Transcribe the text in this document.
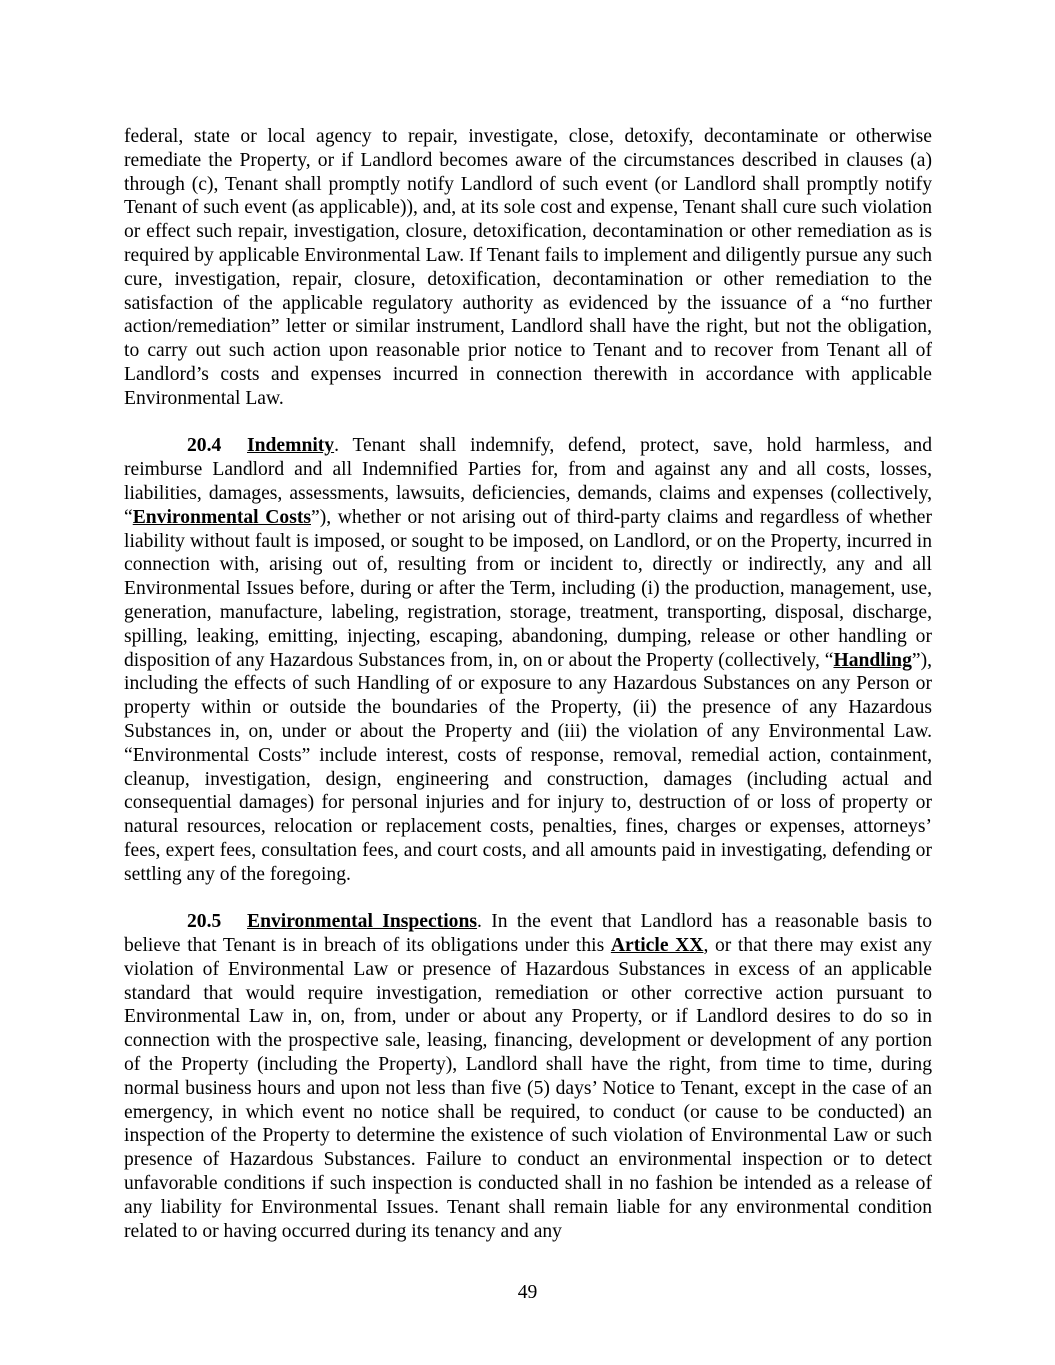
federal, state or local agency to repair, investigate, close, detoxify, decontaminate or otherwise remediate the Property, or if Landlord becomes aware of the circumstances described in clauses (a) through (c), Tenant shall promptly notify Landlord of such event (or Landlord shall promptly notify Tenant of such event (as applicable)), and, at its sole cost and expense, Tenant shall cure such violation or effect such repair, investigation, closure, detoxification, decontamination or other remediation as is required by applicable Environmental Law. If Tenant fails to implement and diligently pursue any such cure, investigation, repair, closure, detoxification, decontamination or other remediation to the satisfaction of the applicable regulatory authority as evidenced by the issuance of a “no further action/remediation” letter or similar instrument, Landlord shall have the right, but not the obligation, to carry out such action upon reasonable prior notice to Tenant and to recover from Tenant all of Landlord’s costs and expenses incurred in connection therewith in accordance with applicable Environmental Law.

20.4 Indemnity. Tenant shall indemnify, defend, protect, save, hold harmless, and reimburse Landlord and all Indemnified Parties for, from and against any and all costs, losses, liabilities, damages, assessments, lawsuits, deficiencies, demands, claims and expenses (collectively, “Environmental Costs”), whether or not arising out of third-party claims and regardless of whether liability without fault is imposed, or sought to be imposed, on Landlord, or on the Property, incurred in connection with, arising out of, resulting from or incident to, directly or indirectly, any and all Environmental Issues before, during or after the Term, including (i) the production, management, use, generation, manufacture, labeling, registration, storage, treatment, transporting, disposal, discharge, spilling, leaking, emitting, injecting, escaping, abandoning, dumping, release or other handling or disposition of any Hazardous Substances from, in, on or about the Property (collectively, “Handling”), including the effects of such Handling of or exposure to any Hazardous Substances on any Person or property within or outside the boundaries of the Property, (ii) the presence of any Hazardous Substances in, on, under or about the Property and (iii) the violation of any Environmental Law. “Environmental Costs” include interest, costs of response, removal, remedial action, containment, cleanup, investigation, design, engineering and construction, damages (including actual and consequential damages) for personal injuries and for injury to, destruction of or loss of property or natural resources, relocation or replacement costs, penalties, fines, charges or expenses, attorneys’ fees, expert fees, consultation fees, and court costs, and all amounts paid in investigating, defending or settling any of the foregoing.

20.5 Environmental Inspections. In the event that Landlord has a reasonable basis to believe that Tenant is in breach of its obligations under this Article XX, or that there may exist any violation of Environmental Law or presence of Hazardous Substances in excess of an applicable standard that would require investigation, remediation or other corrective action pursuant to Environmental Law in, on, from, under or about any Property, or if Landlord desires to do so in connection with the prospective sale, leasing, financing, development or development of any portion of the Property (including the Property), Landlord shall have the right, from time to time, during normal business hours and upon not less than five (5) days’ Notice to Tenant, except in the case of an emergency, in which event no notice shall be required, to conduct (or cause to be conducted) an inspection of the Property to determine the existence of such violation of Environmental Law or such presence of Hazardous Substances. Failure to conduct an environmental inspection or to detect unfavorable conditions if such inspection is conducted shall in no fashion be intended as a release of any liability for Environmental Issues. Tenant shall remain liable for any environmental condition related to or having occurred during its tenancy and any

49
